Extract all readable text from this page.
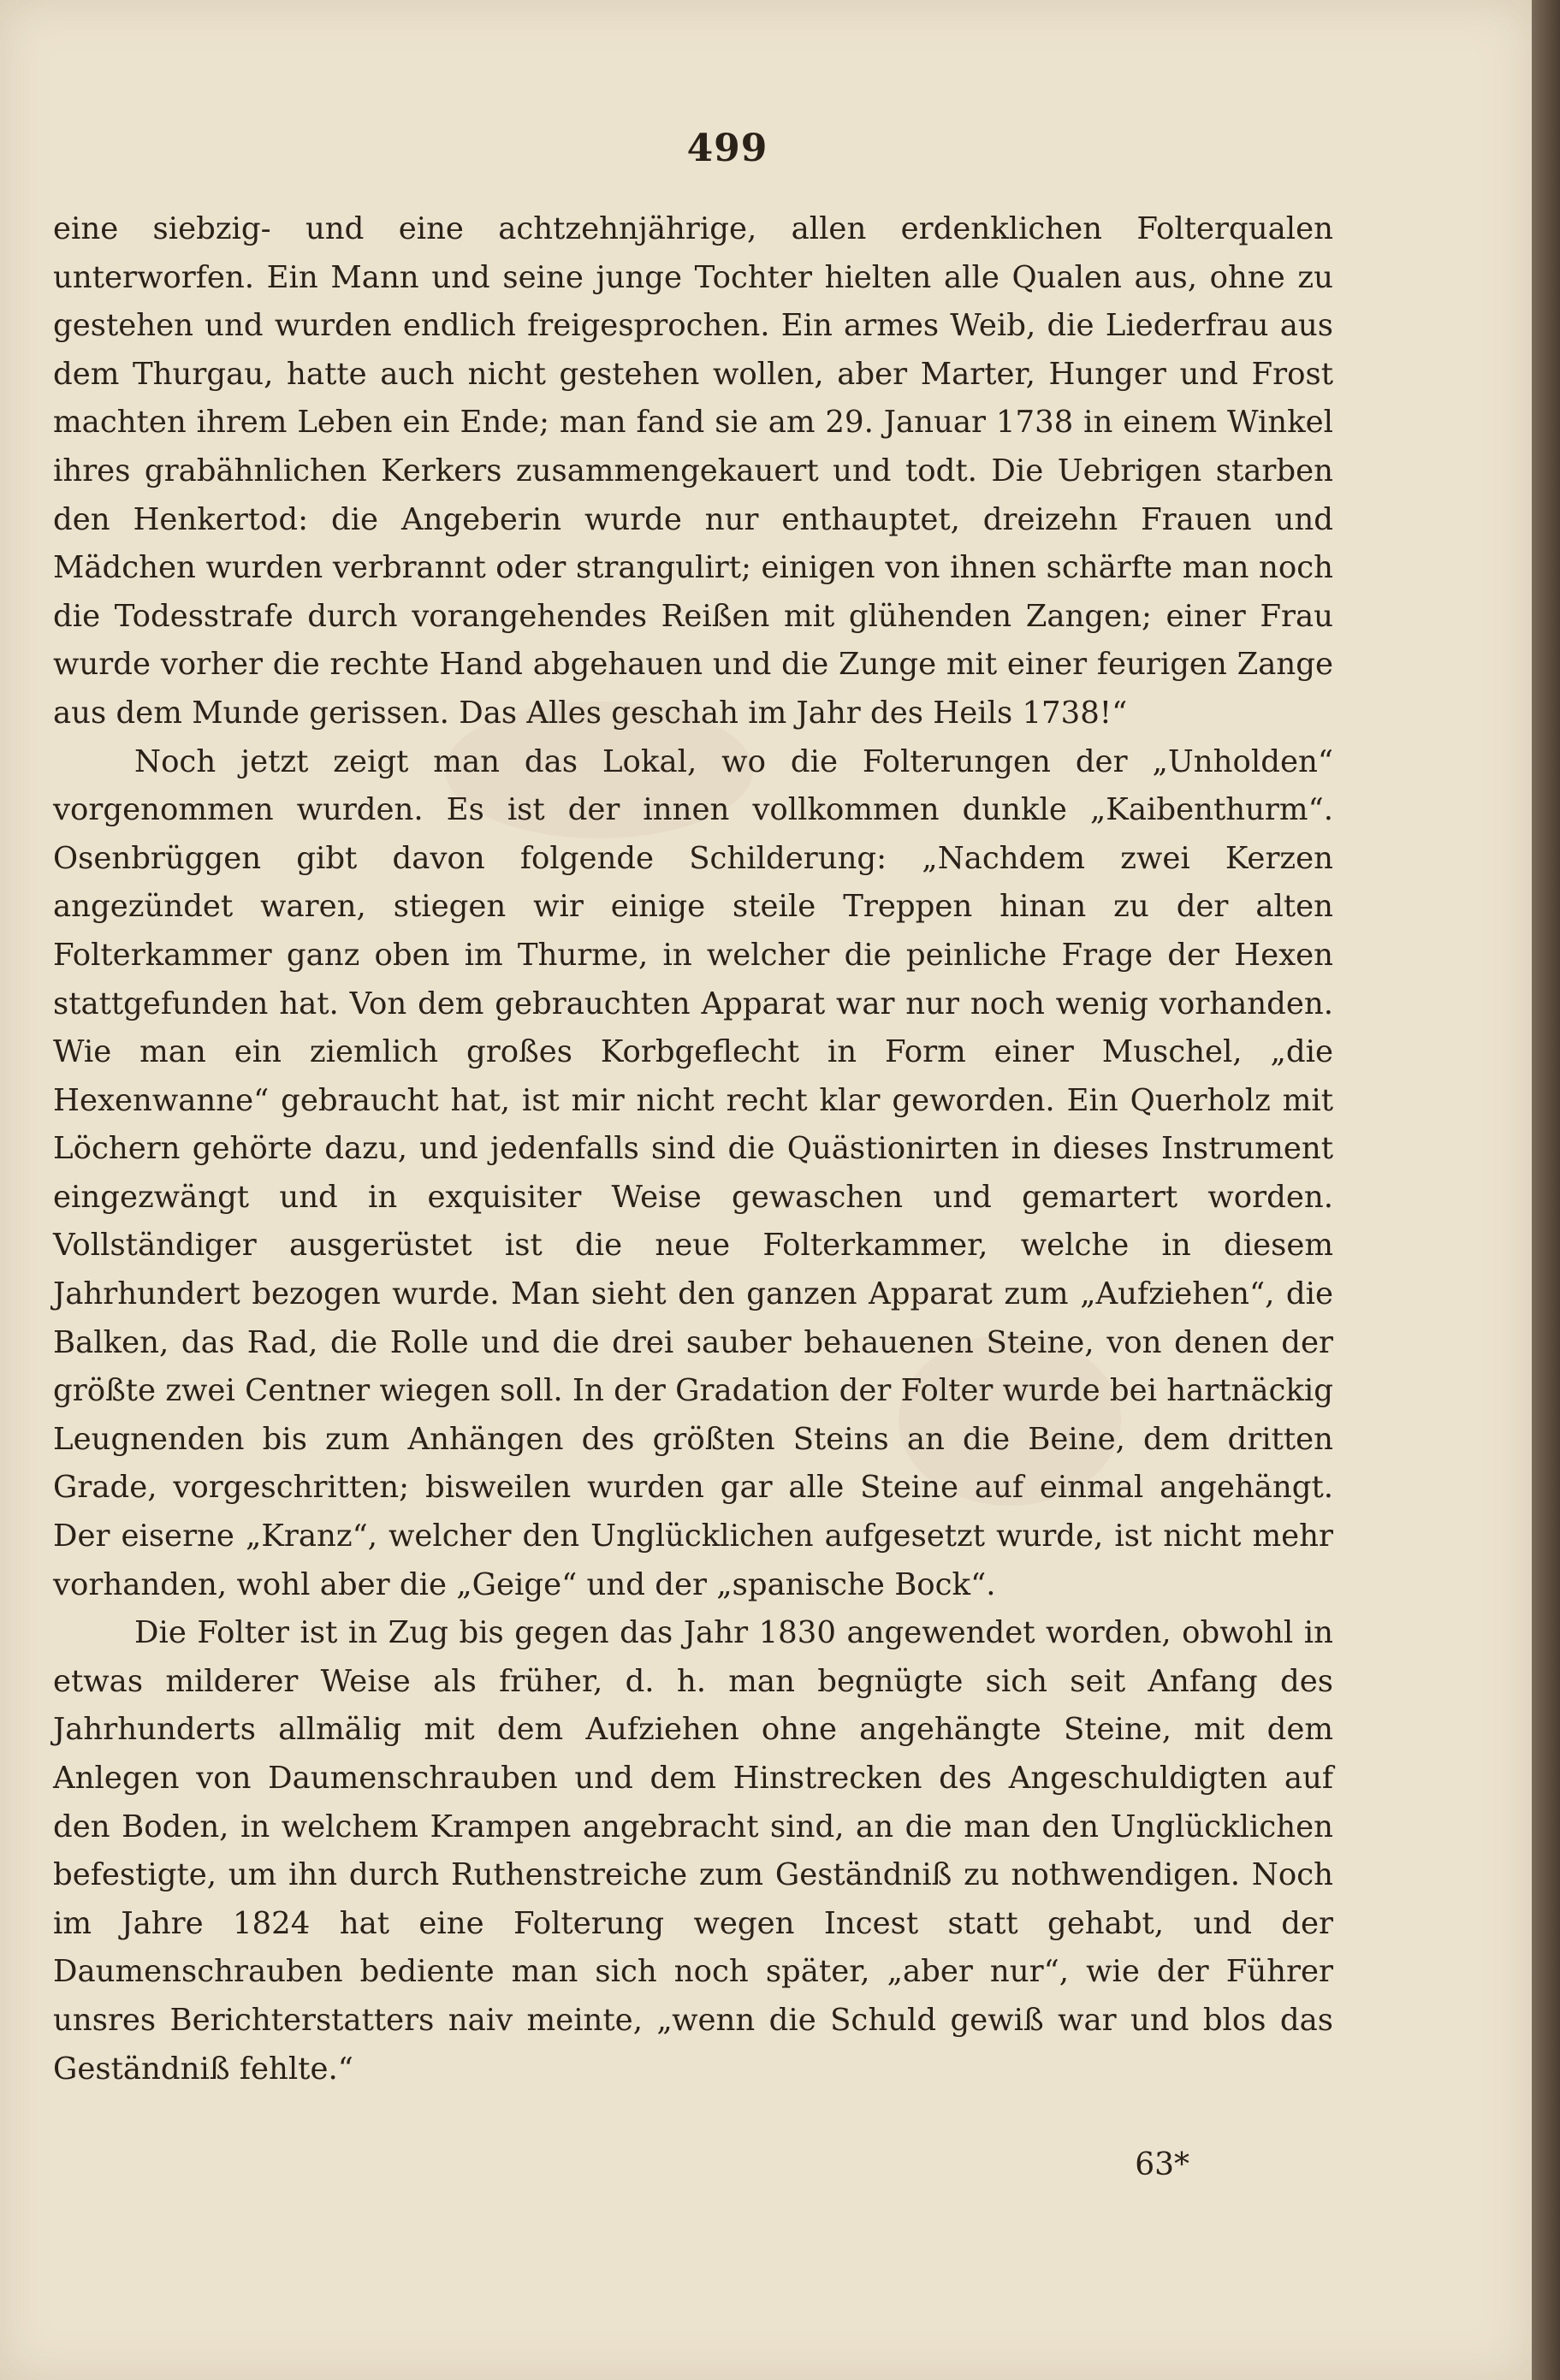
499

eine siebzig- und eine achtzehnjährige, allen erdenklichen Folterqualen unterworfen. Ein Mann und seine junge Tochter hielten alle Qualen aus, ohne zu gestehen und wurden endlich freigesprochen. Ein armes Weib, die Liederfrau aus dem Thurgau, hatte auch nicht gestehen wollen, aber Marter, Hunger und Frost machten ihrem Leben ein Ende; man fand sie am 29. Januar 1738 in einem Winkel ihres grabähnlichen Kerkers zusammengekauert und todt. Die Uebrigen starben den Henkertod: die Angeberin wurde nur enthauptet, dreizehn Frauen und Mädchen wurden verbrannt oder strangulirt; einigen von ihnen schärfte man noch die Todesstrafe durch vorangehendes Reißen mit glühenden Zangen; einer Frau wurde vorher die rechte Hand abgehauen und die Zunge mit einer feurigen Zange aus dem Munde gerissen. Das Alles geschah im Jahr des Heils 1738!“

Noch jetzt zeigt man das Lokal, wo die Folterungen der „Unholden“ vorgenommen wurden. Es ist der innen vollkommen dunkle „Kaibenthurm“. Osenbrüggen gibt davon folgende Schilderung: „Nachdem zwei Kerzen angezündet waren, stiegen wir einige steile Treppen hinan zu der alten Folterkammer ganz oben im Thurme, in welcher die peinliche Frage der Hexen stattgefunden hat. Von dem gebrauchten Apparat war nur noch wenig vorhanden. Wie man ein ziemlich großes Korbgeflecht in Form einer Muschel, „die Hexenwanne“ gebraucht hat, ist mir nicht recht klar geworden. Ein Querholz mit Löchern gehörte dazu, und jedenfalls sind die Quästionirten in dieses Instrument eingezwängt und in exquisiter Weise gewaschen und gemartert worden. Vollständiger ausgerüstet ist die neue Folterkammer, welche in diesem Jahrhundert bezogen wurde. Man sieht den ganzen Apparat zum „Aufziehen“, die Balken, das Rad, die Rolle und die drei sauber behauenen Steine, von denen der größte zwei Centner wiegen soll. In der Gradation der Folter wurde bei hartnäckig Leugnenden bis zum Anhängen des größten Steins an die Beine, dem dritten Grade, vorgeschritten; bisweilen wurden gar alle Steine auf einmal angehängt. Der eiserne „Kranz“, welcher den Unglücklichen aufgesetzt wurde, ist nicht mehr vorhanden, wohl aber die „Geige“ und der „spanische Bock“.

Die Folter ist in Zug bis gegen das Jahr 1830 angewendet worden, obwohl in etwas milderer Weise als früher, d. h. man begnügte sich seit Anfang des Jahrhunderts allmälig mit dem Aufziehen ohne angehängte Steine, mit dem Anlegen von Daumenschrauben und dem Hinstrecken des Angeschuldigten auf den Boden, in welchem Krampen angebracht sind, an die man den Unglücklichen befestigte, um ihn durch Ruthenstreiche zum Geständniß zu nothwendigen. Noch im Jahre 1824 hat eine Folterung wegen Incest statt gehabt, und der Daumenschrauben bediente man sich noch später, „aber nur“, wie der Führer unsres Berichterstatters naiv meinte, „wenn die Schuld gewiß war und blos das Geständniß fehlte.“

63*
